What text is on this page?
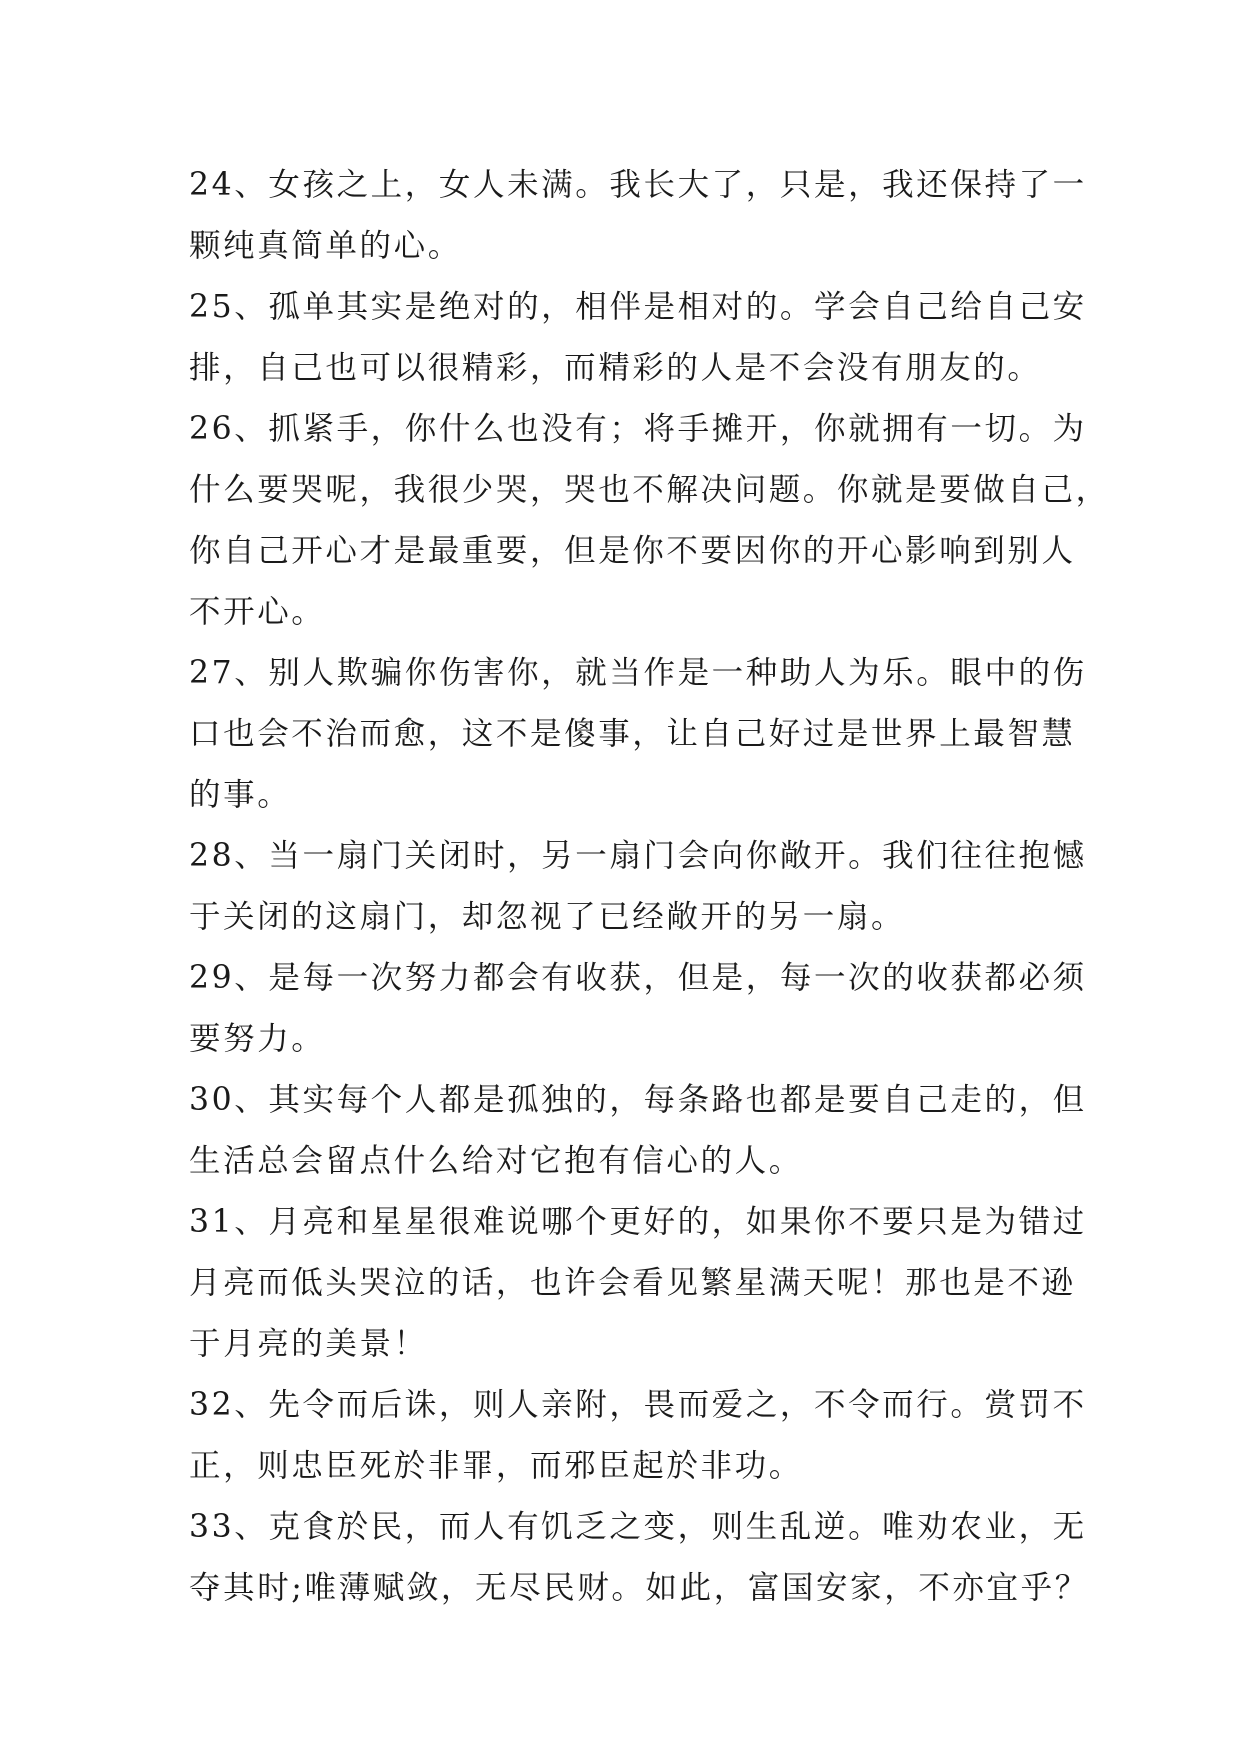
24、女孩之上，女人未满。我长大了，只是，我还保持了一
颗纯真简单的心。
25、孤单其实是绝对的，相伴是相对的。学会自己给自己安
排，自己也可以很精彩，而精彩的人是不会没有朋友的。
26、抓紧手，你什么也没有；将手摊开，你就拥有一切。为
什么要哭呢，我很少哭，哭也不解决问题。你就是要做自己，
你自己开心才是最重要，但是你不要因你的开心影响到别人
不开心。
27、别人欺骗你伤害你，就当作是一种助人为乐。眼中的伤
口也会不治而愈，这不是傻事，让自己好过是世界上最智慧
的事。
28、当一扇门关闭时，另一扇门会向你敞开。我们往往抱憾
于关闭的这扇门，却忽视了已经敞开的另一扇。
29、是每一次努力都会有收获，但是，每一次的收获都必须
要努力。
30、其实每个人都是孤独的，每条路也都是要自己走的，但
生活总会留点什么给对它抱有信心的人。
31、月亮和星星很难说哪个更好的，如果你不要只是为错过
月亮而低头哭泣的话，也许会看见繁星满天呢！那也是不逊
于月亮的美景！
32、先令而后诛，则人亲附，畏而爱之，不令而行。赏罚不
正，则忠臣死於非罪，而邪臣起於非功。
33、克食於民，而人有饥乏之变，则生乱逆。唯劝农业，无
夺其时;唯薄赋敛，无尽民财。如此，富国安家，不亦宜乎？
